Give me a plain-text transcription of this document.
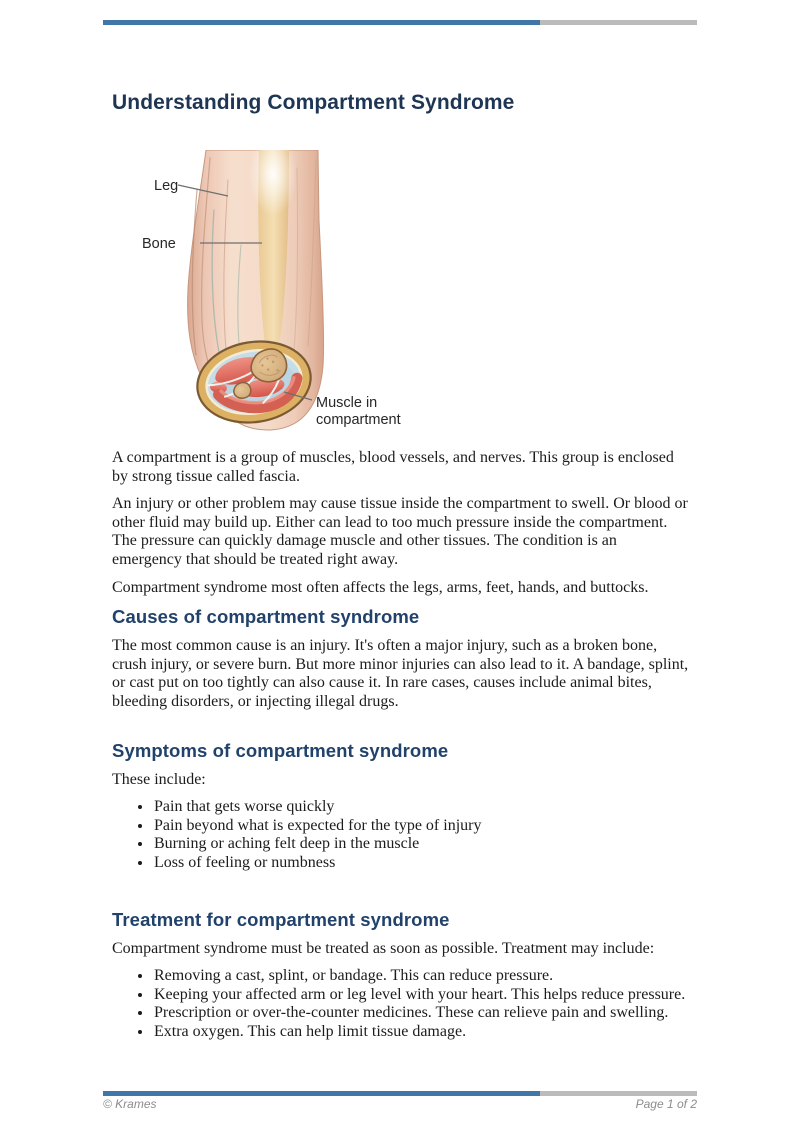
Understanding Compartment Syndrome
Leg
Bone
Muscle in
compartment

A compartment is a group of muscles, blood vessels, and nerves. This group is enclosed by strong tissue called fascia.

An injury or other problem may cause tissue inside the compartment to swell. Or blood or other fluid may build up. Either can lead to too much pressure inside the compartment. The pressure can quickly damage muscle and other tissues. The condition is an emergency that should be treated right away.

Compartment syndrome most often affects the legs, arms, feet, hands, and buttocks.

Causes of compartment syndrome

The most common cause is an injury. It's often a major injury, such as a broken bone, crush injury, or severe burn. But more minor injuries can also lead to it. A bandage, splint, or cast put on too tightly can also cause it. In rare cases, causes include animal bites, bleeding disorders, or injecting illegal drugs.

Symptoms of compartment syndrome

These include:

• Pain that gets worse quickly
• Pain beyond what is expected for the type of injury
• Burning or aching felt deep in the muscle
• Loss of feeling or numbness
Treatment for compartment syndrome

Compartment syndrome must be treated as soon as possible. Treatment may include:

• Removing a cast, splint, or bandage. This can reduce pressure.
• Keeping your affected arm or leg level with your heart. This helps reduce pressure.
• Prescription or over-the-counter medicines. These can relieve pain and swelling.
• Extra oxygen. This can help limit tissue damage.
© Krames	Page 1 of 2
